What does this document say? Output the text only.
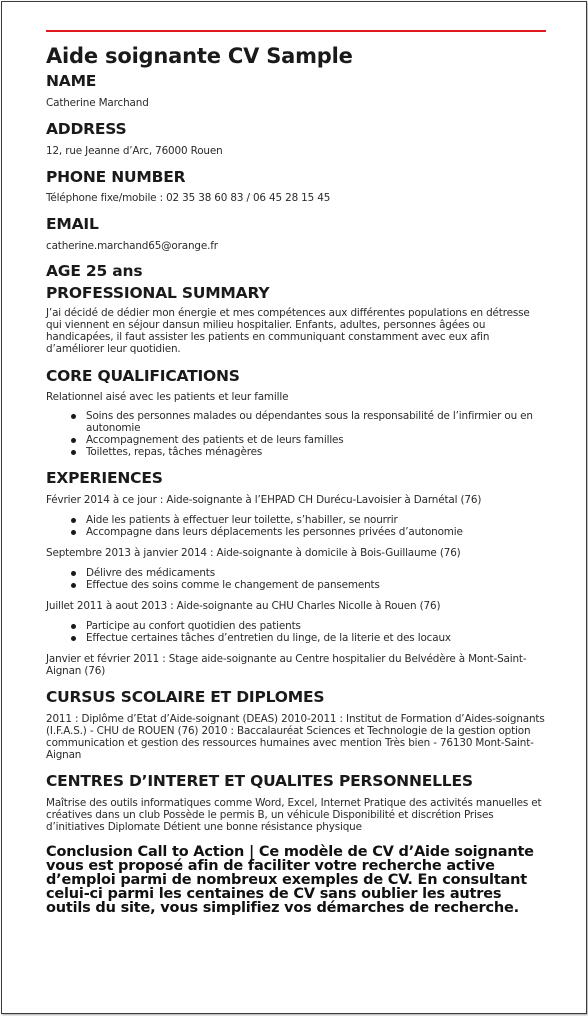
Aide soignante CV Sample
NAME

Catherine Marchand

ADDRESS

12, rue Jeanne d’Arc, 76000 Rouen

PHONE NUMBER

Téléphone fixe/mobile : 02 35 38 60 83 / 06 45 28 15 45

EMAIL

catherine.marchand65@orange.fr

AGE 25 ans
PROFESSIONAL SUMMARY

J’ai décidé de dédier mon énergie et mes compétences aux différentes populations en détresse qui viennent en séjour dansun milieu hospitalier. Enfants, adultes, personnes âgées ou handicapées, il faut assister les patients en communiquant constamment avec eux afin d’améliorer leur quotidien.

CORE QUALIFICATIONS

Relationnel aisé avec les patients et leur famille

Soins des personnes malades ou dépendantes sous la responsabilité de l’infirmier ou en autonomie
Accompagnement des patients et de leurs familles
Toilettes, repas, tâches ménagères
EXPERIENCES

Février 2014 à ce jour : Aide-soignante à l’EHPAD CH Durécu-Lavoisier à Darnétal (76)

Aide les patients à effectuer leur toilette, s’habiller, se nourrir
Accompagne dans leurs déplacements les personnes privées d’autonomie

Septembre 2013 à janvier 2014 : Aide-soignante à domicile à Bois-Guillaume (76)

Délivre des médicaments
Effectue des soins comme le changement de pansements

Juillet 2011 à aout 2013 : Aide-soignante au CHU Charles Nicolle à Rouen (76)

Participe au confort quotidien des patients
Effectue certaines tâches d’entretien du linge, de la literie et des locaux

Janvier et février 2011 : Stage aide-soignante au Centre hospitalier du Belvédère à Mont-Saint-Aignan (76)

CURSUS SCOLAIRE ET DIPLOMES

2011 : Diplôme d’Etat d’Aide-soignant (DEAS) 2010-2011 : Institut de Formation d’Aides-soignants (I.F.A.S.) - CHU de ROUEN (76) 2010 : Baccalauréat Sciences et Technologie de la gestion option communication et gestion des ressources humaines avec mention Très bien - 76130 Mont-Saint-Aignan

CENTRES D’INTERET ET QUALITES PERSONNELLES

Maîtrise des outils informatiques comme Word, Excel, Internet Pratique des activités manuelles et créatives dans un club Possède le permis B, un véhicule Disponibilité et discrétion Prises d’initiatives Diplomate Détient une bonne résistance physique

Conclusion Call to Action | Ce modèle de CV d’Aide soignante vous est proposé afin de faciliter votre recherche active d’emploi parmi de nombreux exemples de CV. En consultant celui-ci parmi les centaines de CV sans oublier les autres outils du site, vous simplifiez vos démarches de recherche.
